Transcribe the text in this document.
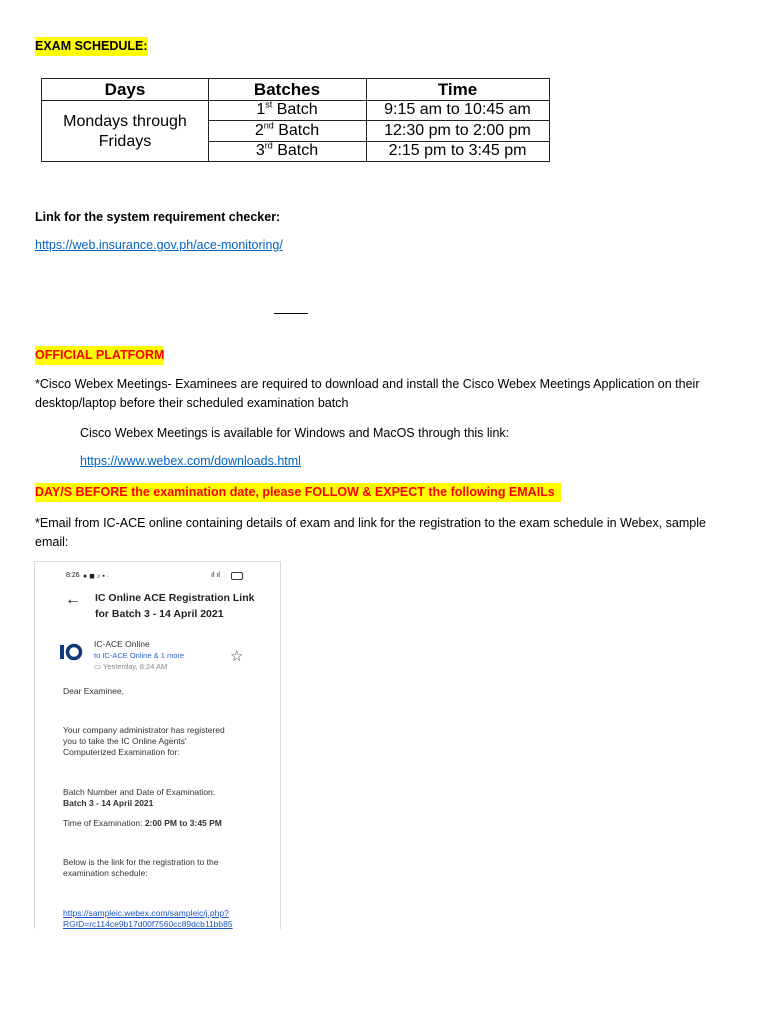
EXAM SCHEDULE:
Days	Batches	Time
Mondays through
Fridays
1st Batch	9:15 am to 10:45 am
2nd Batch	12:30 pm to 2:00 pm
3rd Batch	2:15 pm to 3:45 pm
Link for the system requirement checker:
https://web.insurance.gov.ph/ace-monitoring/
OFFICIAL PLATFORM
*Cisco Webex Meetings- Examinees are required to download and install the Cisco Webex Meetings Application on their
desktop/laptop before their scheduled examination batch
Cisco Webex Meetings is available for Windows and MacOS through this link:
https://www.webex.com/downloads.html
DAY/S BEFORE the examination date, please FOLLOW & EXPECT the following EMAILs
*Email from IC-ACE online containing details of exam and link for the registration to the exam schedule in Webex, sample
email:
8:26 ● ◼ ♪ ▪ ·	ıl ıl
← IC Online ACE Registration Link
for Batch 3 - 14 April 2021
IC-ACE Online
to IC-ACE Online & 1 more
▭ Yesterday, 8:24 AM
☆
Dear Examinee,
Your company administrator has registered
you to take the IC Online Agents'
Computerized Examination for:
Batch Number and Date of Examination:
Batch 3 - 14 April 2021
Time of Examination: 2:00 PM to 3:45 PM
Below is the link for the registration to the
examination schedule:
https://sampleic.webex.com/sampleic/j.php?
RGID=rc114ce9b17d00f7560cc89dcb11bb85
